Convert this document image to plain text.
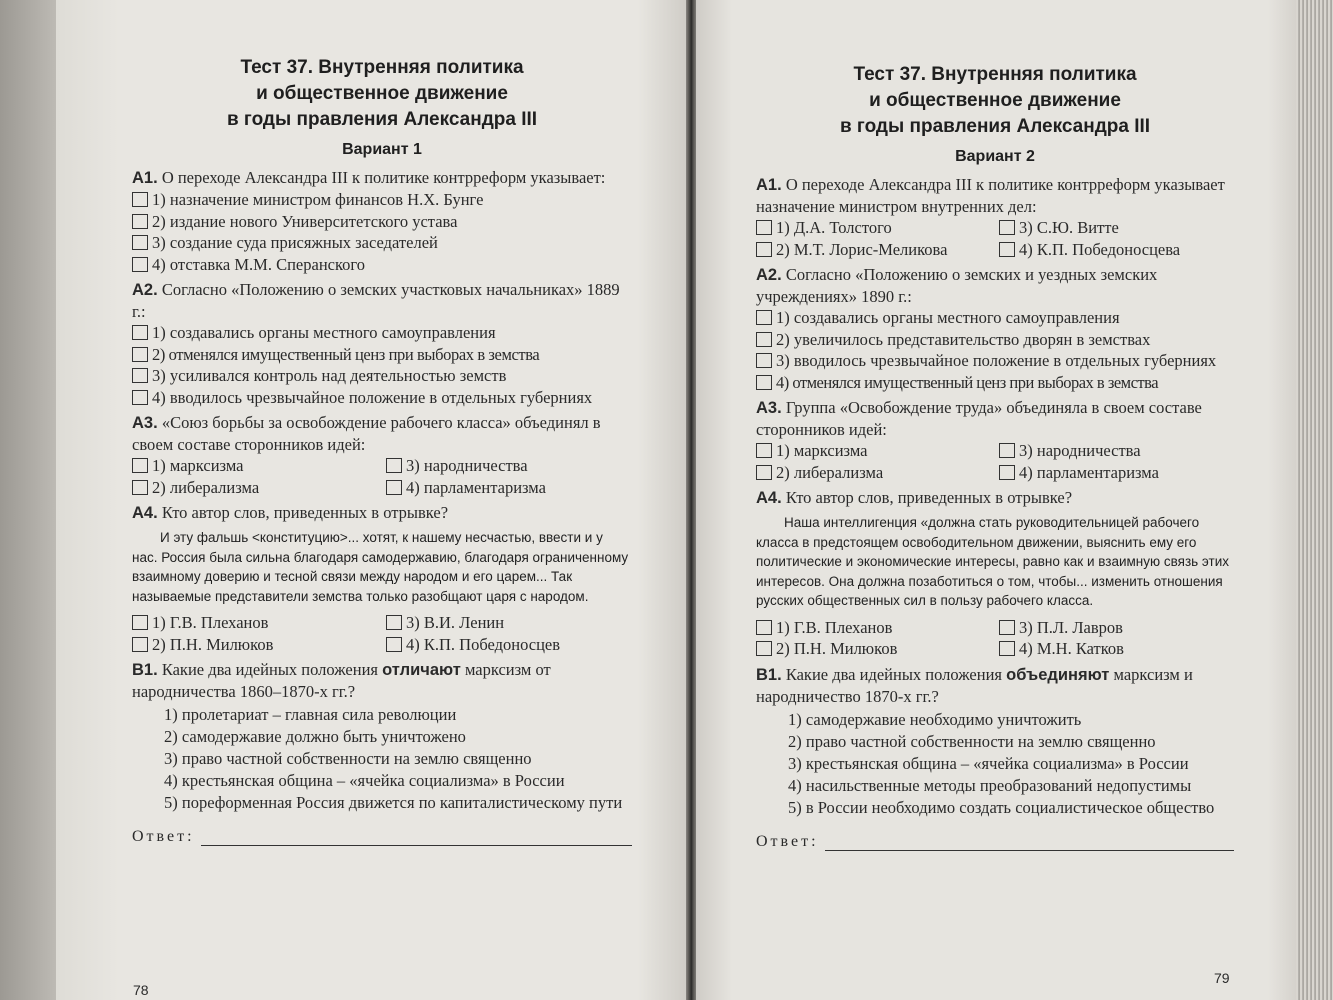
Тест 37. Внутренняя политика
и общественное движение
в годы правления Александра III
Вариант 1
А1. О переходе Александра III к политике контрреформ указывает:
1) назначение министром финансов Н.Х. Бунге
2) издание нового Университетского устава
3) создание суда присяжных заседателей
4) отставка М.М. Сперанского
А2. Согласно «Положению о земских участковых начальниках» 1889 г.:
1) создавались органы местного самоуправления
2) отменялся имущественный ценз при выборах в земства
3) усиливался контроль над деятельностью земств
4) вводилось чрезвычайное положение в отдельных губерниях
А3. «Союз борьбы за освобождение рабочего класса» объединял в своем составе сторонников идей:
1) марксизма	3) народничества
2) либерализма	4) парламентаризма
А4. Кто автор слов, приведенных в отрывке?
И эту фальшь <конституцию>... хотят, к нашему несчастью, ввести и у нас. Россия была сильна благодаря самодержавию, благодаря ограниченному взаимному доверию и тесной связи между народом и его царем... Так называемые представители земства только разобщают царя с народом.
1) Г.В. Плеханов	3) В.И. Ленин
2) П.Н. Милюков	4) К.П. Победоносцев
В1. Какие два идейных положения отличают марксизм от народничества 1860–1870-х гг.?
1) пролетариат – главная сила революции
2) самодержавие должно быть уничтожено
3) право частной собственности на землю священно
4) крестьянская община – «ячейка социализма» в России
5) пореформенная Россия движется по капиталистическому пути
Ответ:
78
Тест 37. Внутренняя политика
и общественное движение
в годы правления Александра III
Вариант 2
А1. О переходе Александра III к политике контрреформ указывает назначение министром внутренних дел:
1) Д.А. Толстого	3) С.Ю. Витте
2) М.Т. Лорис-Меликова	4) К.П. Победоносцева
А2. Согласно «Положению о земских и уездных земских учреждениях» 1890 г.:
1) создавались органы местного самоуправления
2) увеличилось представительство дворян в земствах
3) вводилось чрезвычайное положение в отдельных губерниях
4) отменялся имущественный ценз при выборах в земства
А3. Группа «Освобождение труда» объединяла в своем составе сторонников идей:
1) марксизма	3) народничества
2) либерализма	4) парламентаризма
А4. Кто автор слов, приведенных в отрывке?
Наша интеллигенция «должна стать руководительницей рабочего класса в предстоящем освободительном движении, выяснить ему его политические и экономические интересы, равно как и взаимную связь этих интересов. Она должна позаботиться о том, чтобы... изменить отношения русских общественных сил в пользу рабочего класса.
1) Г.В. Плеханов	3) П.Л. Лавров
2) П.Н. Милюков	4) М.Н. Катков
В1. Какие два идейных положения объединяют марксизм и народничество 1870-х гг.?
1) самодержавие необходимо уничтожить
2) право частной собственности на землю священно
3) крестьянская община – «ячейка социализма» в России
4) насильственные методы преобразований недопустимы
5) в России необходимо создать социалистическое общество
Ответ:
79
